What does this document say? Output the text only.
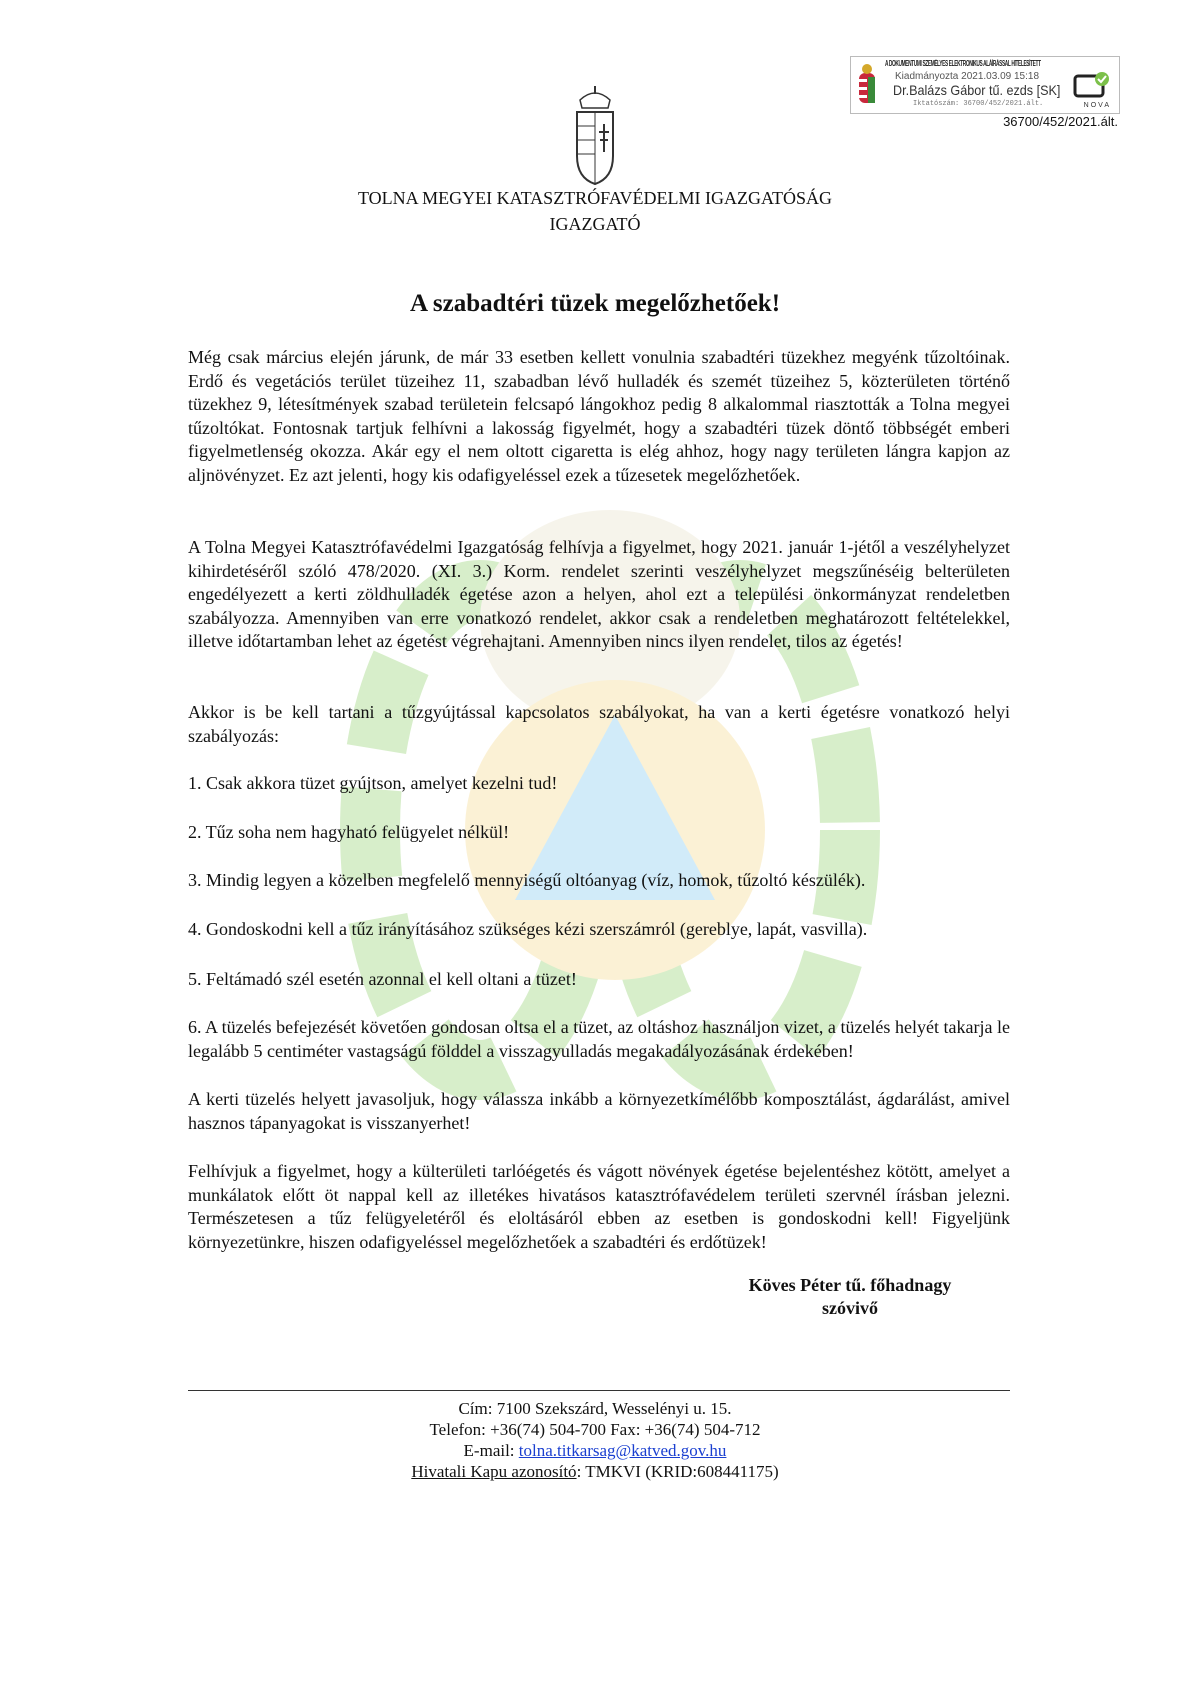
A DOKUMENTUMI SZEMÉLYES ELEKTRONIKUS ALÁÍRÁSSAL HITELESÍTETT
Kiadmányozta 2021.03.09 15:18
Dr.Balázs Gábor tű. ezds [SK]
Iktatószám: 36700/452/2021.ált.	NOVA
36700/452/2021.ált.
TOLNA MEGYEI KATASZTRÓFAVÉDELMI IGAZGATÓSÁG
IGAZGATÓ
A szabadtéri tüzek megelőzhetőek!

Még csak március elején járunk, de már 33 esetben kellett vonulnia szabadtéri tüzekhez megyénk tűzoltóinak. Erdő és vegetációs terület tüzeihez 11, szabadban lévő hulladék és szemét tüzeihez 5, közterületen történő tüzekhez 9, létesítmények szabad területein felcsapó lángokhoz pedig 8 alkalommal riasztották a Tolna megyei tűzoltókat. Fontosnak tartjuk felhívni a lakosság figyelmét, hogy a szabadtéri tüzek döntő többségét emberi figyelmetlenség okozza. Akár egy el nem oltott cigaretta is elég ahhoz, hogy nagy területen lángra kapjon az aljnövényzet. Ez azt jelenti, hogy kis odafigyeléssel ezek a tűzesetek megelőzhetőek.

A Tolna Megyei Katasztrófavédelmi Igazgatóság felhívja a figyelmet, hogy 2021. január 1-jétől a veszélyhelyzet kihirdetéséről szóló 478/2020. (XI. 3.) Korm. rendelet szerinti veszélyhelyzet megszűnéséig belterületen engedélyezett a kerti zöldhulladék égetése azon a helyen, ahol ezt a települési önkormányzat rendeletben szabályozza. Amennyiben van erre vonatkozó rendelet, akkor csak a rendeletben meghatározott feltételekkel, illetve időtartamban lehet az égetést végrehajtani. Amennyiben nincs ilyen rendelet, tilos az égetés!

Akkor is be kell tartani a tűzgyújtással kapcsolatos szabályokat, ha van a kerti égetésre vonatkozó helyi szabályozás:

1. Csak akkora tüzet gyújtson, amelyet kezelni tud!

2. Tűz soha nem hagyható felügyelet nélkül!

3. Mindig legyen a közelben megfelelő mennyiségű oltóanyag (víz, homok, tűzoltó készülék).

4. Gondoskodni kell a tűz irányításához szükséges kézi szerszámról (gereblye, lapát, vasvilla).

5. Feltámadó szél esetén azonnal el kell oltani a tüzet!

6. A tüzelés befejezését követően gondosan oltsa el a tüzet, az oltáshoz használjon vizet, a tüzelés helyét takarja le legalább 5 centiméter vastagságú földdel a visszagyulladás megakadályozásának érdekében!

A kerti tüzelés helyett javasoljuk, hogy válassza inkább a környezetkímélőbb komposztálást, ágdarálást, amivel hasznos tápanyagokat is visszanyerhet!

Felhívjuk a figyelmet, hogy a külterületi tarlóégetés és vágott növények égetése bejelentéshez kötött, amelyet a munkálatok előtt öt nappal kell az illetékes hivatásos katasztrófavédelem területi szervnél írásban jelezni. Természetesen a tűz felügyeletéről és eloltásáról ebben az esetben is gondoskodni kell! Figyeljünk környezetünkre, hiszen odafigyeléssel megelőzhetőek a szabadtéri és erdőtüzek!

Köves Péter tű. főhadnagy
szóvivő
Cím: 7100 Szekszárd, Wesselényi u. 15.
Telefon: +36(74) 504-700 Fax: +36(74) 504-712
E-mail: tolna.titkarsag@katved.gov.hu
Hivatali Kapu azonosító: TMKVI (KRID:608441175)
